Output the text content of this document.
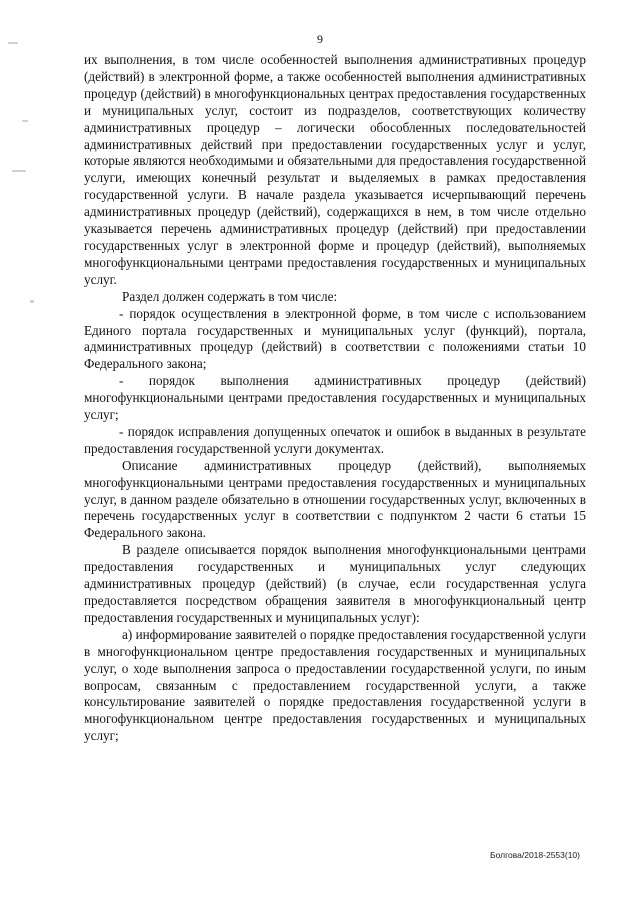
9

их выполнения, в том числе особенностей выполнения административных процедур (действий) в электронной форме, а также особенностей выполнения административных процедур (действий) в многофункциональных центрах предоставления государственных и муниципальных услуг, состоит из подразделов, соответствующих количеству административных процедур – логически обособленных последовательностей административных действий при предоставлении государственных услуг и услуг, которые являются необходимыми и обязательными для предоставления государственной услуги, имеющих конечный результат и выделяемых в рамках предоставления государственной услуги. В начале раздела указывается исчерпывающий перечень административных процедур (действий), содержащихся в нем, в том числе отдельно указывается перечень административных процедур (действий) при предоставлении государственных услуг в электронной форме и процедур (действий), выполняемых многофункциональными центрами предоставления государственных и муниципальных услуг.

Раздел должен содержать в том числе:

- порядок осуществления в электронной форме, в том числе с использованием Единого портала государственных и муниципальных услуг (функций), портала, административных процедур (действий) в соответствии с положениями статьи 10 Федерального закона;

- порядок выполнения административных процедур (действий) многофункциональными центрами предоставления государственных и муниципальных услуг;

- порядок исправления допущенных опечаток и ошибок в выданных в результате предоставления государственной услуги документах.

Описание административных процедур (действий), выполняемых многофункциональными центрами предоставления государственных и муниципальных услуг, в данном разделе обязательно в отношении государственных услуг, включенных в перечень государственных услуг в соответствии с подпунктом 2 части 6 статьи 15 Федерального закона.

В разделе описывается порядок выполнения многофункциональными центрами предоставления государственных и муниципальных услуг следующих административных процедур (действий) (в случае, если государственная услуга предоставляется посредством обращения заявителя в многофункциональный центр предоставления государственных и муниципальных услуг):

а) информирование заявителей о порядке предоставления государственной услуги в многофункциональном центре предоставления государственных и муниципальных услуг, о ходе выполнения запроса о предоставлении государственной услуги, по иным вопросам, связанным с предоставлением государственной услуги, а также консультирование заявителей о порядке предоставления государственной услуги в многофункциональном центре предоставления государственных и муниципальных услуг;

Болгова/2018-2553(10)
